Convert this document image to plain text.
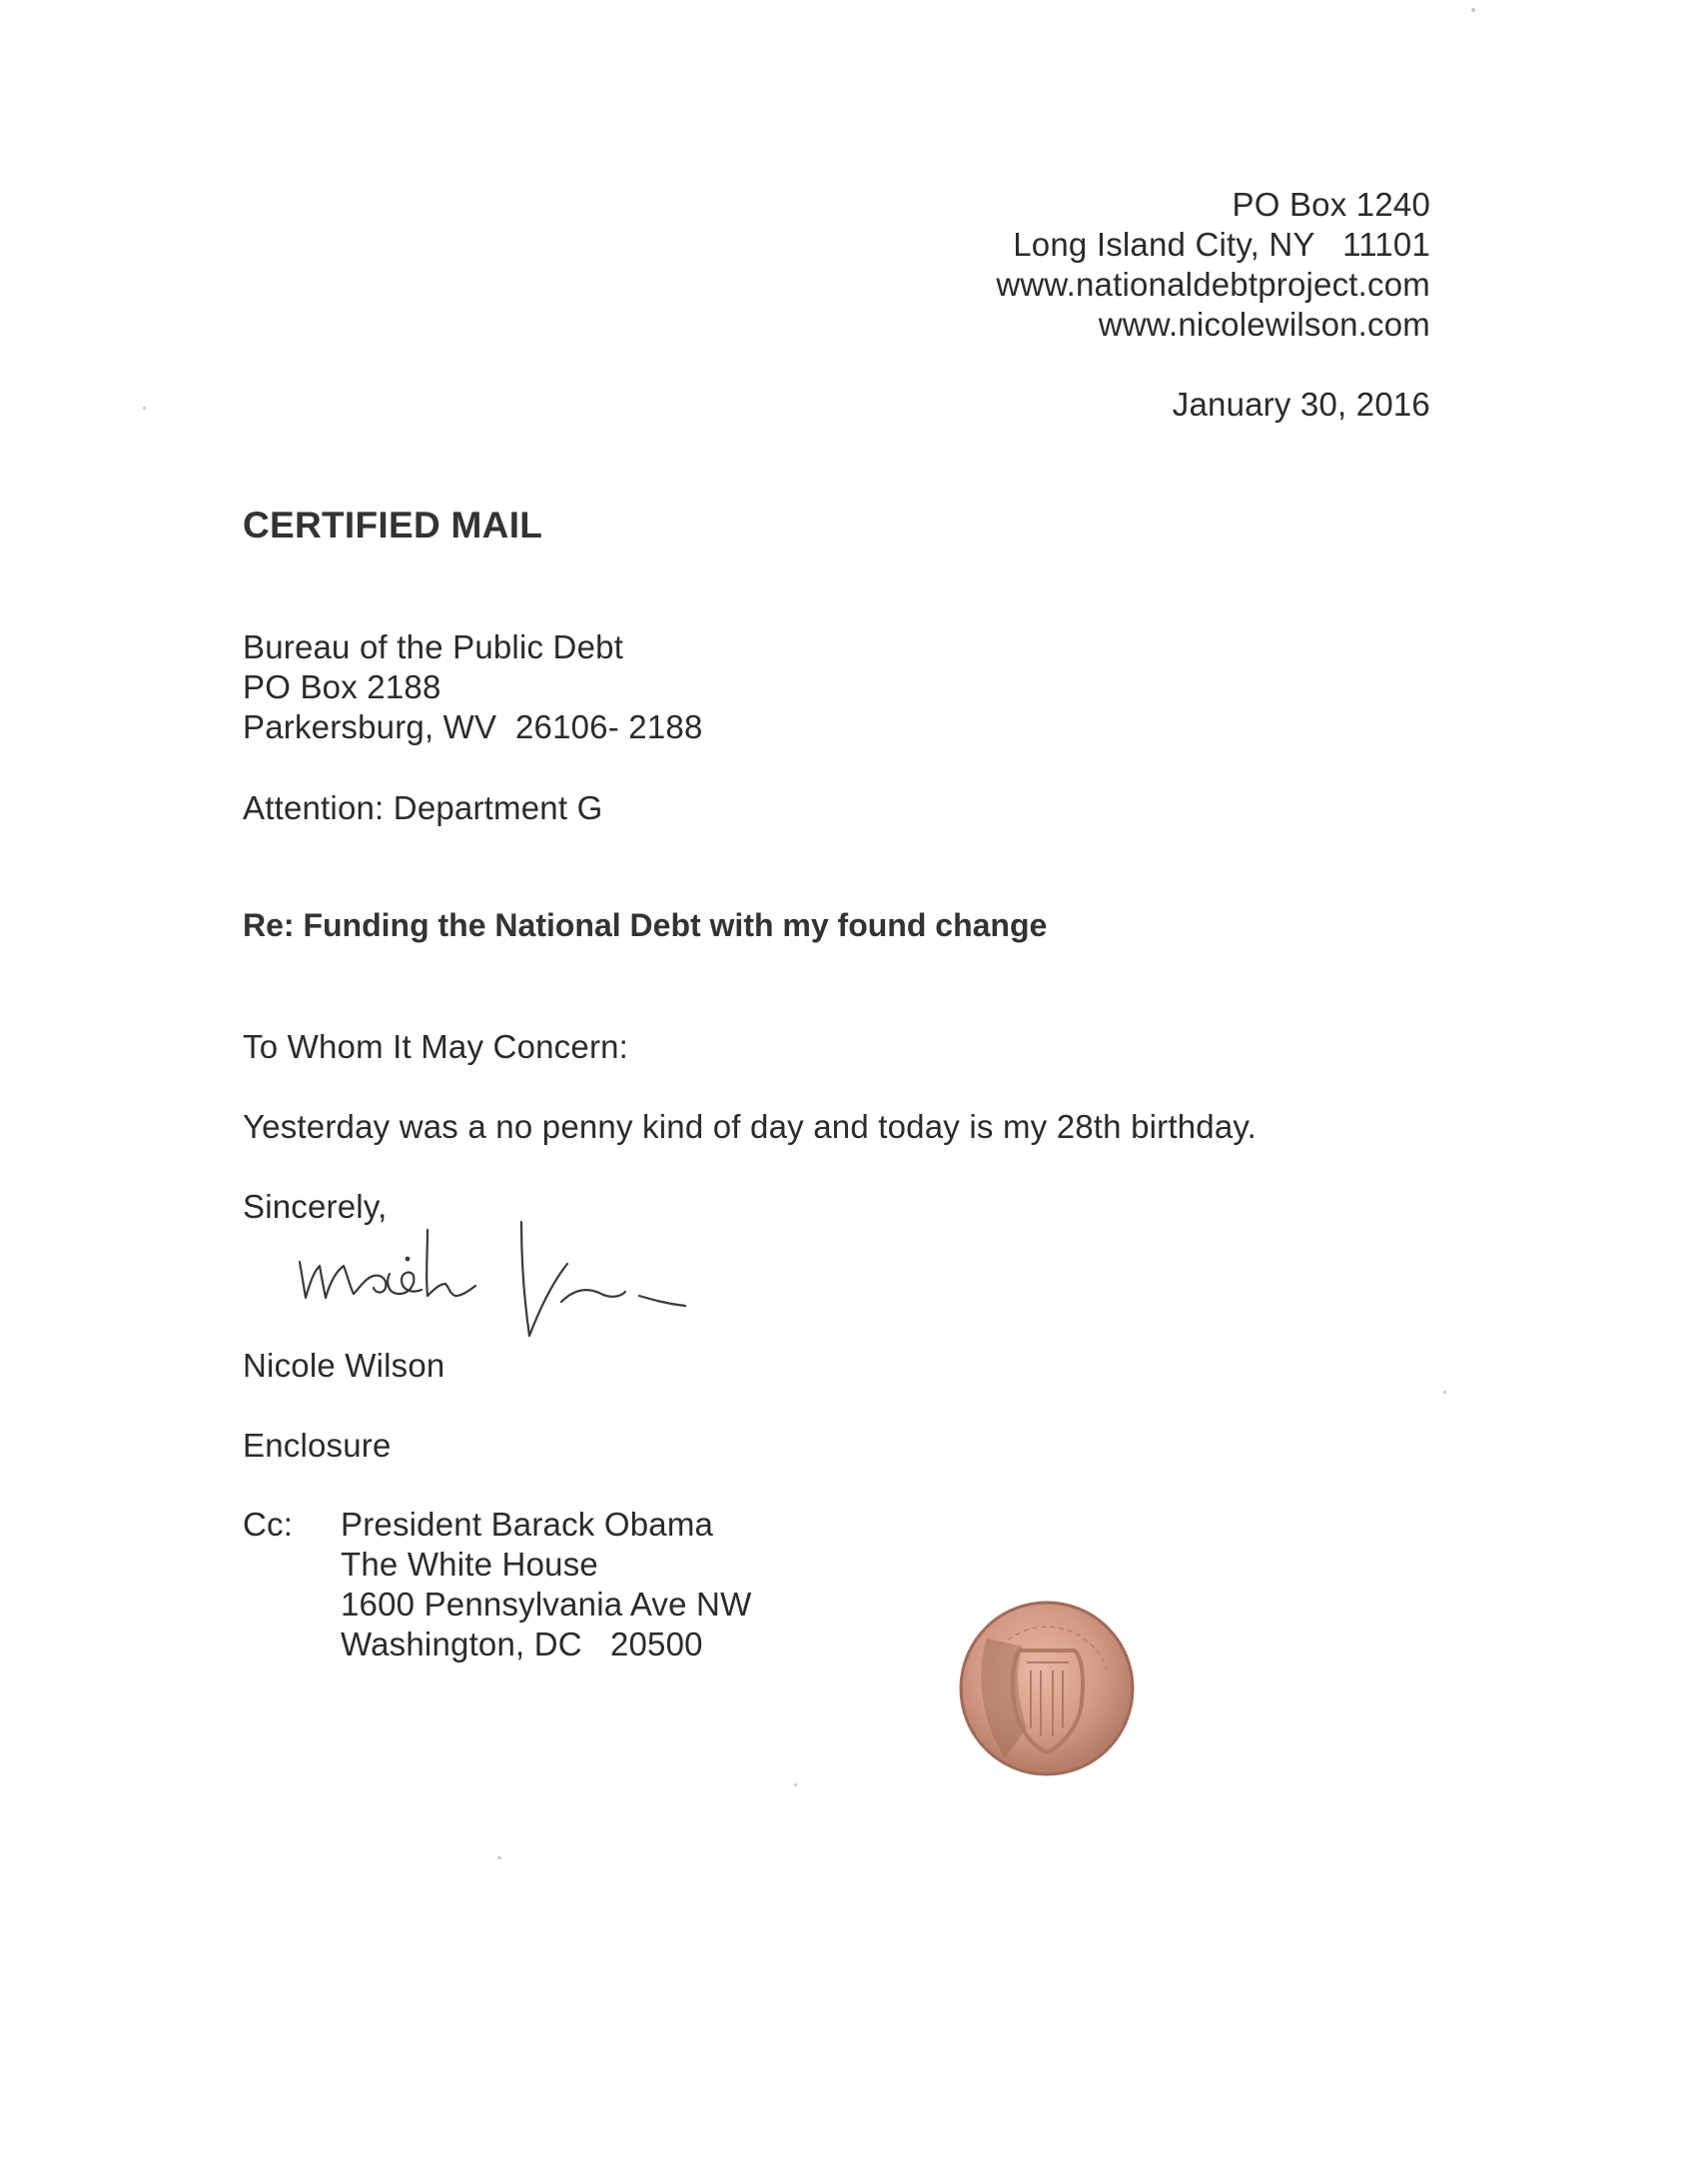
PO Box 1240
Long Island City, NY   11101
www.nationaldebtproject.com
www.nicolewilson.com
January 30, 2016
CERTIFIED MAIL
Bureau of the Public Debt
PO Box 2188
Parkersburg, WV  26106- 2188
Attention: Department G
Re: Funding the National Debt with my found change
To Whom It May Concern:
Yesterday was a no penny kind of day and today is my 28th birthday.
Sincerely,
Nicole Wilson
Enclosure
Cc: President Barack Obama
The White House
1600 Pennsylvania Ave NW
Washington, DC   20500
